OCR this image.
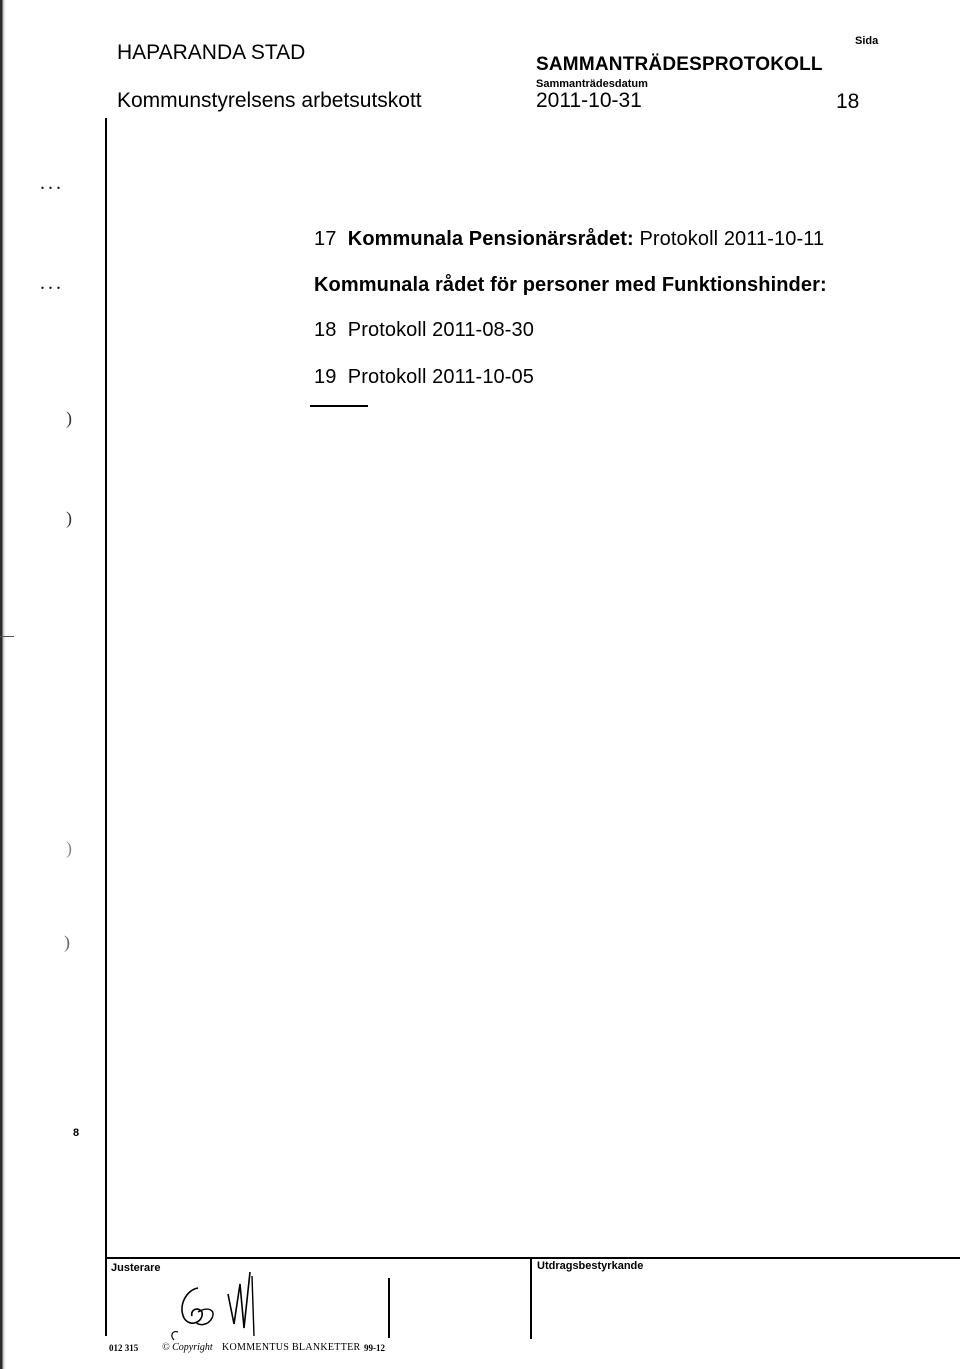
...
...
)
)
)
)
HAPARANDA STAD
Kommunstyrelsens arbetsutskott
SAMMANTRÄDESPROTOKOLL
Sammanträdesdatum
2011-10-31
Sida
18
17 Kommunala Pensionärsrådet: Protokoll 2011-10-11
Kommunala rådet för personer med Funktionshinder:
18 Protokoll 2011-08-30
19 Protokoll 2011-10-05
8
Justerare	Utdragsbestyrkande
012 315 © Copyright KOMMENTUS BLANKETTER 99-12
